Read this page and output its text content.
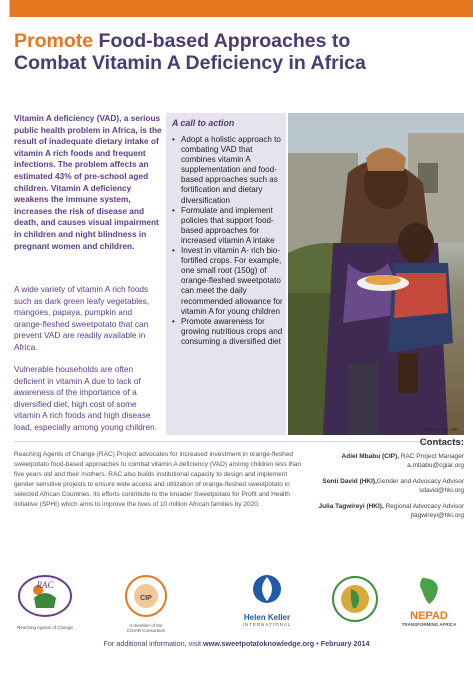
Promote Food-based Approaches to
Combat Vitamin A Deficiency in Africa

Vitamin A deficiency (VAD), a serious public health problem in Africa, is the result of inadequate dietary intake of vitamin A rich foods and frequent infections. The problem affects an estimated 43% of pre-school aged children. Vitamin A deficiency weakens the immune system, increases the risk of disease and death, and causes visual impairment in children and night blindness in pregnant women and children.

A wide variety of vitamin A rich foods such as dark green leafy vegetables, mangoes, papaya, pumpkin and orange-fleshed sweetpotato that can prevent VAD are readily available in Africa.

Vulnerable households are often deficient in vitamin A due to lack of awareness of the importance of a diversified diet, high cost of some vitamin A rich foods and high disease load, especially among young children.

A call to action
• Adopt a holistic approach to combating VAD that combines vitamin A supplementation and food-based approaches such as fortification and dietary diversification
• Formulate and implement policies that support food-based approaches for increased vitamin A intake
• Invest in vitamin A- rich bio-fortified crops. For example, one small root (150g) of orange-fleshed sweetpotato can meet the daily recommended allowance for vitamin A for young children
• Promote awareness for growing nutritious crops and consuming a diversified diet
Photo Credit: HKI

Reaching Agents of Change (RAC) Project advocates for increased investment in orange-fleshed sweetpotato food-based approaches to combat vitamin A deficiency (VAD) among children less than five years old and their mothers. RAC also builds institutional capacity to design and implement gender sensitive projects to ensure wide access and utilization of orange-fleshed sweetpotato in selected African Countries. Its efforts contribute to the broader Sweetpotato for Profit and Health Initiative (SPHI) which aims to improve the lives of 10 million African families by 2020.

Contacts:
Adiel Mbabu (CIP), RAC Project Manager
a.mbabu@cgiar.org
Sonii David (HKI),Gender and Advocacy Advisor
sdavid@hki.org
Julia Tagwireyi (HKI), Regional Advocacy Advisor
jtagwireyi@hki.org
RAC
Reaching Agents of Change
CIP
A member of the CGIAR Consortium
Helen Keller
INTERNATIONAL
NEPAD
TRANSFORMING AFRICA
For additional information, visit www.sweetpotatoknowledge.org • February 2014
